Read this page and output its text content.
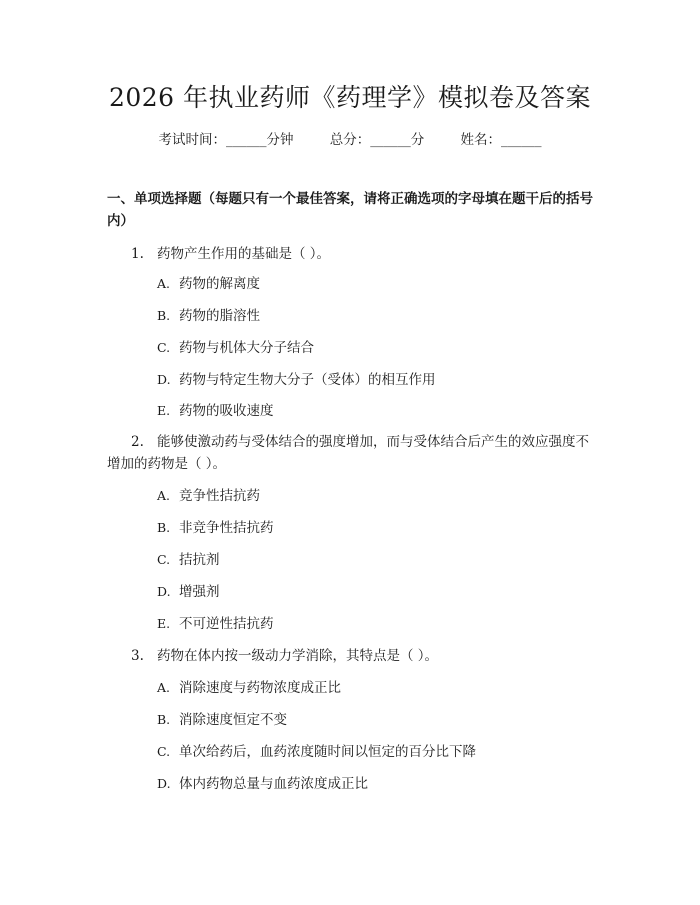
2026 年执业药师《药理学》模拟卷及答案
考试时间：______分钟	总分：______分	姓名：______
一、单项选择题（每题只有一个最佳答案，请将正确选项的字母填在题干后的括号内）
1. 药物产生作用的基础是（ ）。
A. 药物的解离度
B. 药物的脂溶性
C. 药物与机体大分子结合
D. 药物与特定生物大分子（受体）的相互作用
E. 药物的吸收速度
2. 能够使激动药与受体结合的强度增加，而与受体结合后产生的效应强度不增加的药物是（ ）。
A. 竞争性拮抗药
B. 非竞争性拮抗药
C. 拮抗剂
D. 增强剂
E. 不可逆性拮抗药
3. 药物在体内按一级动力学消除，其特点是（ ）。
A. 消除速度与药物浓度成正比
B. 消除速度恒定不变
C. 单次给药后，血药浓度随时间以恒定的百分比下降
D. 体内药物总量与血药浓度成正比
